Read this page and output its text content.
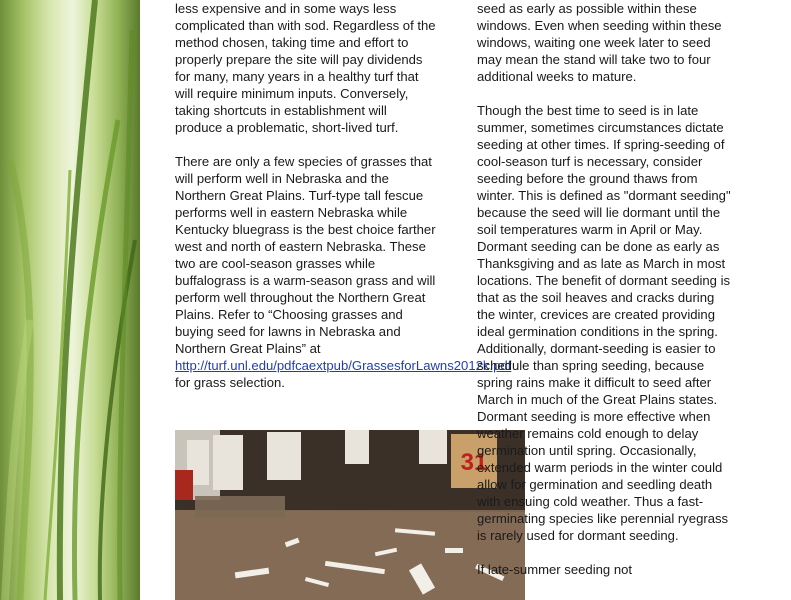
less expensive and in some ways less complicated than with sod. Regardless of the method chosen, taking time and effort to properly prepare the site will pay dividends for many, many years in a healthy turf that will require minimum inputs. Conversely, taking shortcuts in establishment will produce a problematic, short-lived turf.

There are only a few species of grasses that will perform well in Nebraska and the Northern Great Plains. Turf-type tall fescue performs well in eastern Nebraska while Kentucky bluegrass is the best choice farther west and north of eastern Nebraska. These two are cool-season grasses while buffalograss is a warm-season grass and will perform well throughout the Northern Great Plains. Refer to “Choosing grasses and buying seed for lawns in Nebraska and Northern Great Plains” at http://turf.unl.edu/pdfcaextpub/GrassesforLawns2012k.pdf for grass selection.

31

seed as early as possible within these windows. Even when seeding within these windows, waiting one week later to seed may mean the stand will take two to four additional weeks to mature.

Though the best time to seed is in late summer, sometimes circumstances dictate seeding at other times. If spring-seeding of cool-season turf is necessary, consider seeding before the ground thaws from winter. This is defined as "dormant seeding" because the seed will lie dormant until the soil temperatures warm in April or May. Dormant seeding can be done as early as Thanksgiving and as late as March in most locations. The benefit of dormant seeding is that as the soil heaves and cracks during the winter, crevices are created providing ideal germination conditions in the spring. Additionally, dormant-seeding is easier to schedule than spring seeding, because spring rains make it difficult to seed after March in much of the Great Plains states. Dormant seeding is more effective when

weather remains cold enough to delay germination until spring. Occasionally, extended warm periods in the winter could allow for germination and seedling death with ensuing cold weather. Thus a fast-germinating species like perennial ryegrass is rarely used for dormant seeding.

If late-summer seeding not
